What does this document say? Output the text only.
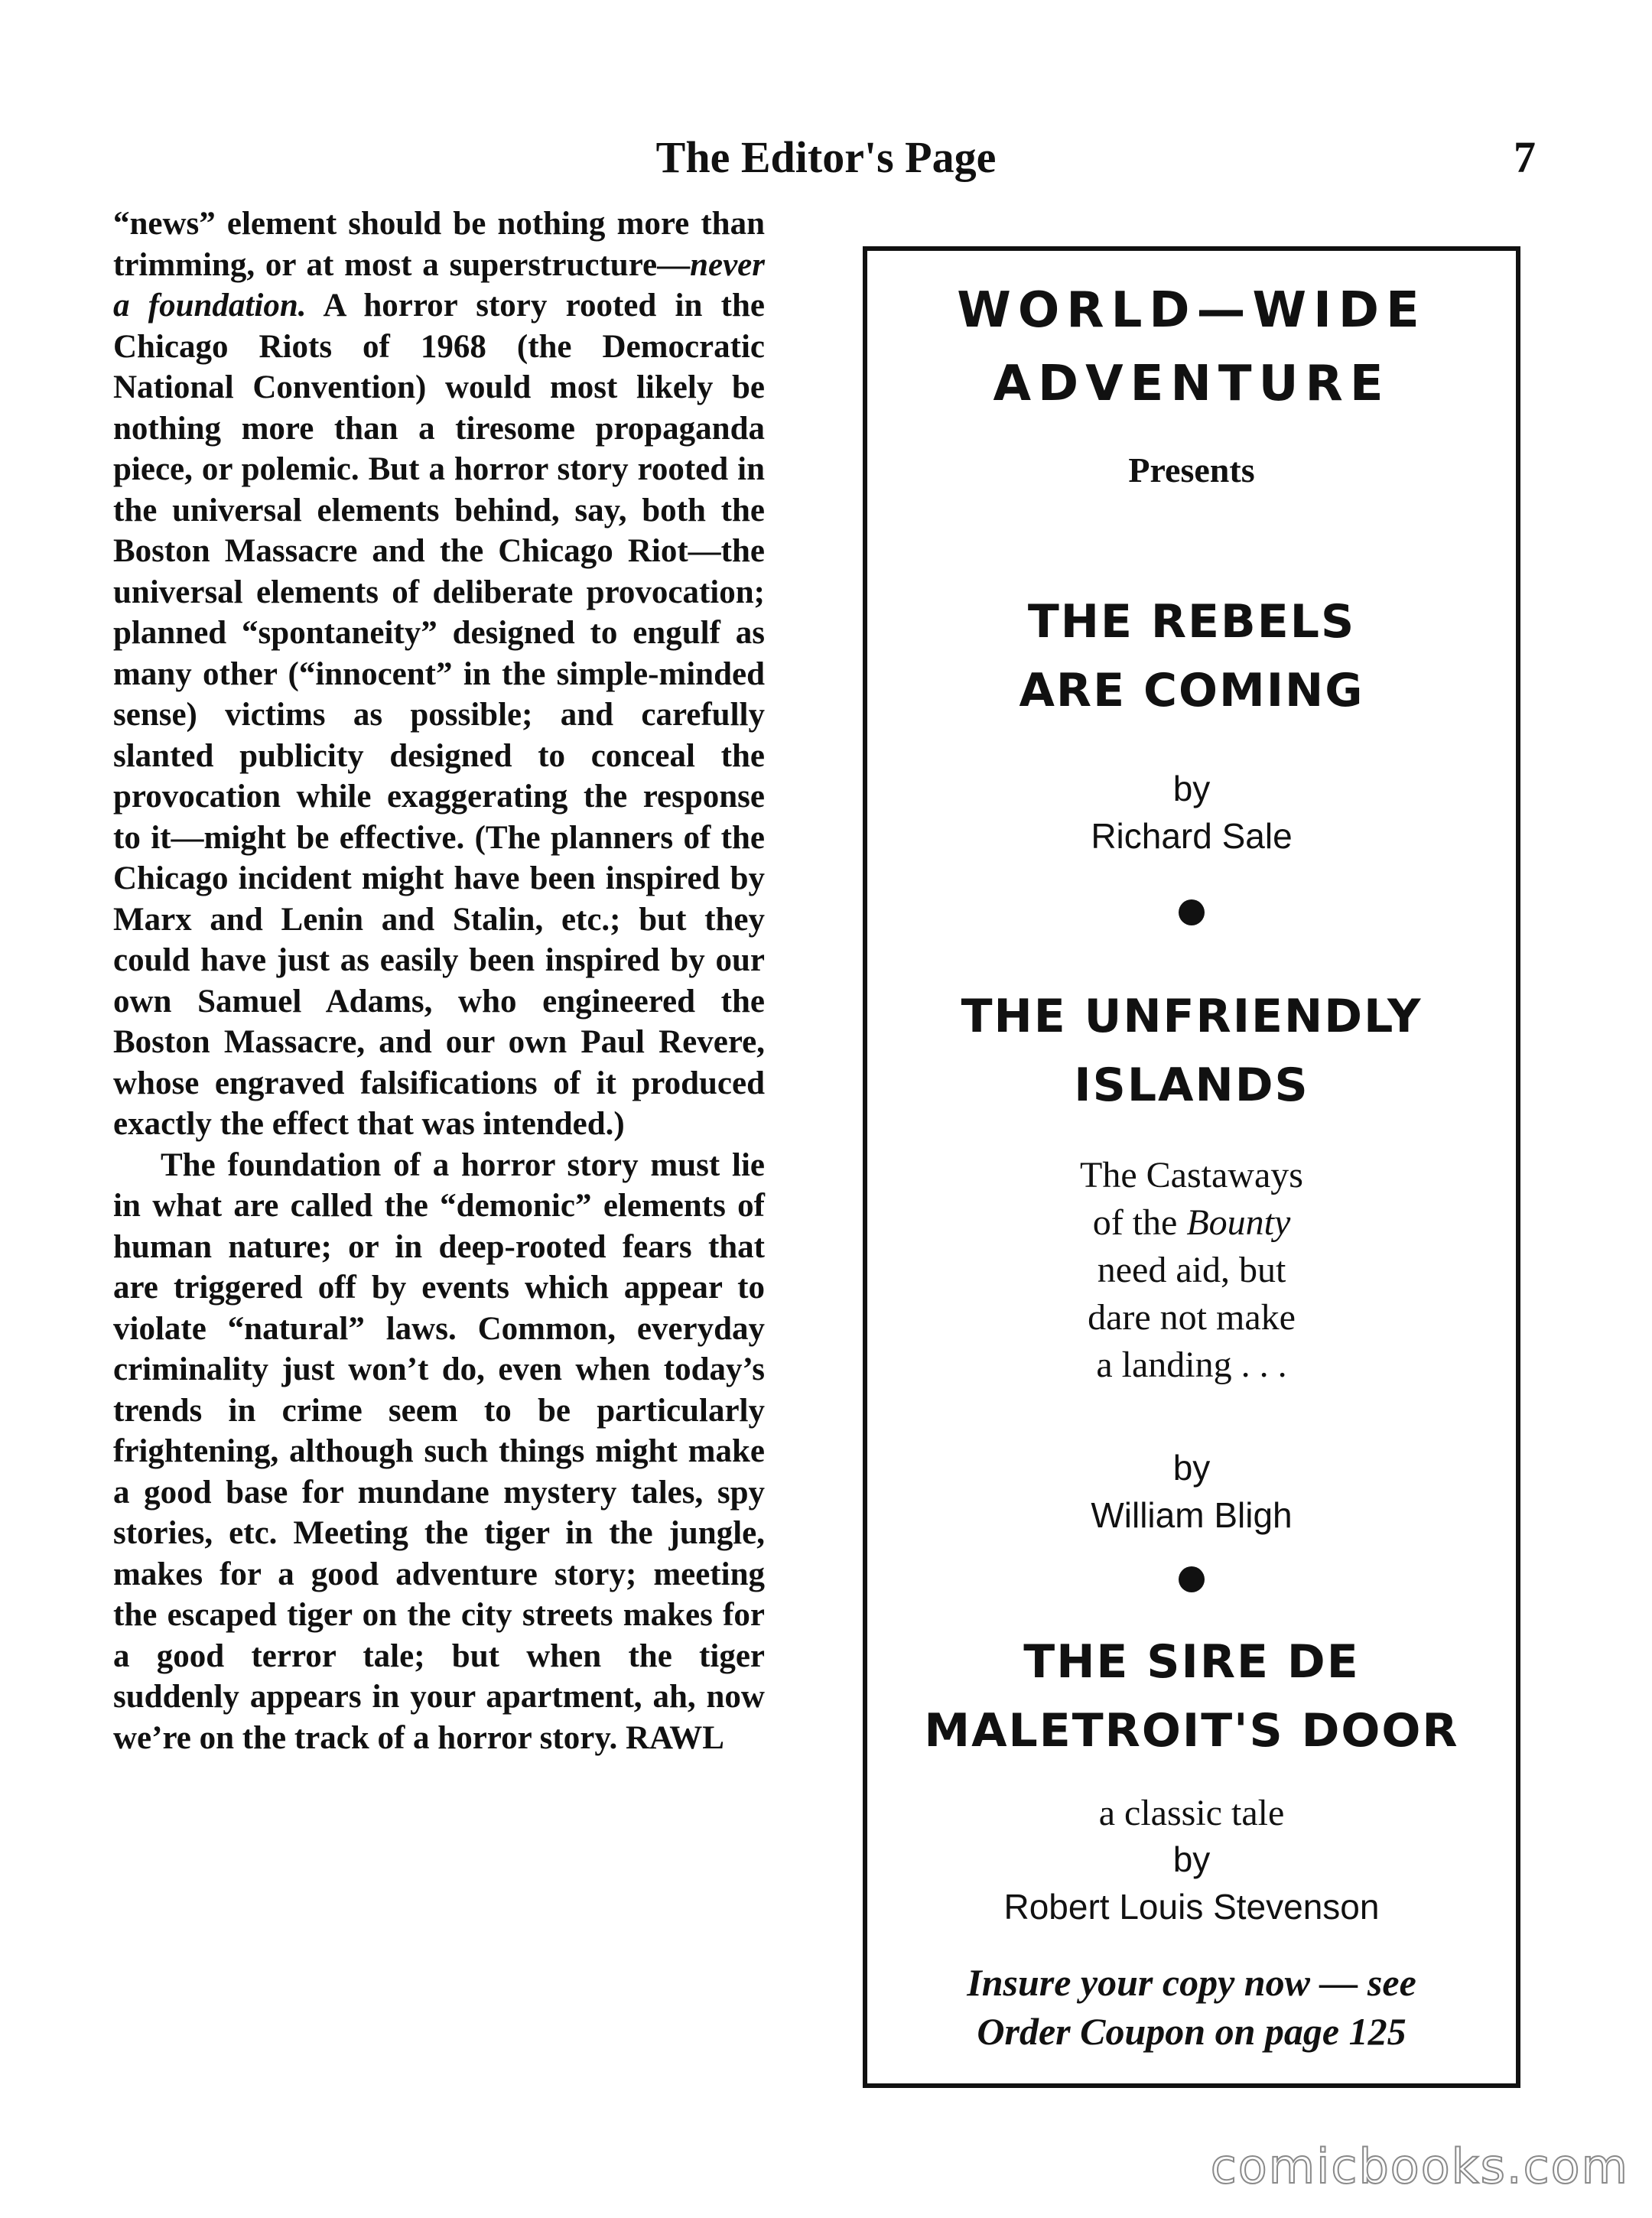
The Editor's Page	7

“news” element should be nothing more than trimming, or at most a superstructure—never a foundation. A horror story rooted in the Chicago Riots of 1968 (the Democratic National Convention) would most likely be nothing more than a tiresome propaganda piece, or polemic. But a horror story rooted in the universal elements behind, say, both the Boston Massacre and the Chicago Riot—the universal elements of deliberate provocation; planned “spontaneity” designed to engulf as many other (“innocent” in the simple-minded sense) victims as possible; and carefully slanted publicity designed to conceal the provocation while exaggerating the response to it—might be effective. (The planners of the Chicago incident might have been inspired by Marx and Lenin and Stalin, etc.; but they could have just as easily been inspired by our own Samuel Adams, who engineered the Boston Massacre, and our own Paul Revere, whose engraved falsifications of it produced exactly the effect that was intended.)

The foundation of a horror story must lie in what are called the “demonic” elements of human nature; or in deep-rooted fears that are triggered off by events which appear to violate “natural” laws. Common, everyday criminality just won’t do, even when today’s trends in crime seem to be particularly frightening, although such things might make a good base for mundane mystery tales, spy stories, etc. Meeting the tiger in the jungle, makes for a good adventure story; meeting the escaped tiger on the city streets makes for a good terror tale; but when the tiger suddenly appears in your apartment, ah, now we’re on the track of a horror story. RAWL

WORLD—WIDE
ADVENTURE
Presents
THE REBELS
ARE COMING
by
Richard Sale
THE UNFRIENDLY
ISLANDS
The Castaways
of the Bounty
need aid, but
dare not make
a landing . . .
by
William Bligh
THE SIRE DE
MALETROIT'S DOOR
a classic tale
by
Robert Louis Stevenson
Insure your copy now — see
Order Coupon on page 125
comicbooks.com
